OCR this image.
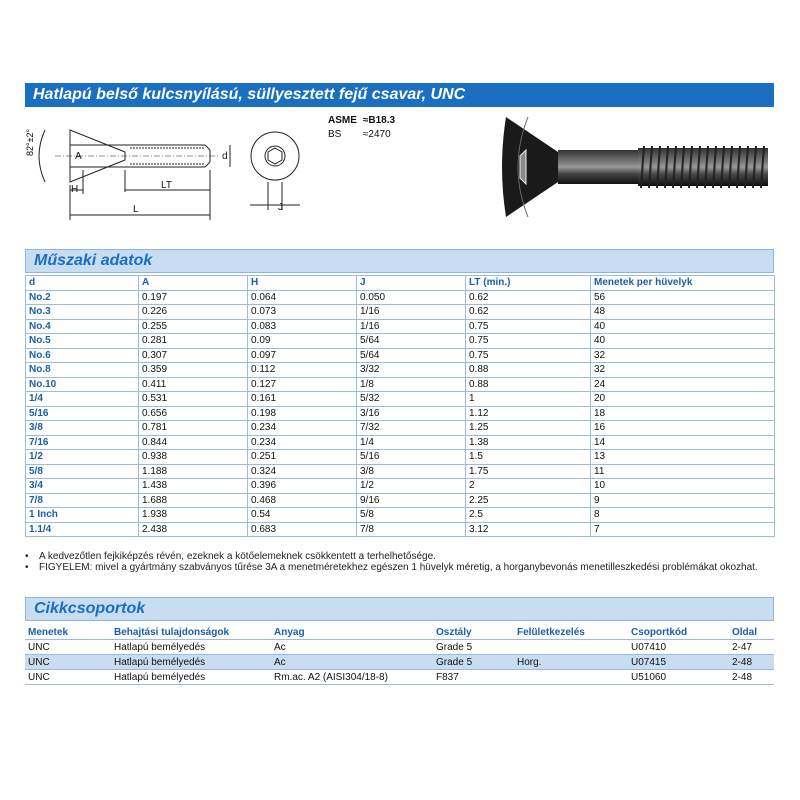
Hatlapú belső kulcsnyílású, süllyesztett fejű csavar, UNC
82°±2°
A
H	LT
L
d
J
ASME	≈B18.3
BS	≈2470
Műszaki adatok
d	A	H	J	LT (min.)	Menetek per hüvelyk
No.2	0.197	0.064	0.050	0.62	56
No.3	0.226	0.073	1/16	0.62	48
No.4	0.255	0.083	1/16	0.75	40
No.5	0.281	0.09	5/64	0.75	40
No.6	0.307	0.097	5/64	0.75	32
No.8	0.359	0.112	3/32	0.88	32
No.10	0.411	0.127	1/8	0.88	24
1/4	0.531	0.161	5/32	1	20
5/16	0.656	0.198	3/16	1.12	18
3/8	0.781	0.234	7/32	1.25	16
7/16	0.844	0.234	1/4	1.38	14
1/2	0.938	0.251	5/16	1.5	13
5/8	1.188	0.324	3/8	1.75	11
3/4	1.438	0.396	1/2	2	10
7/8	1.688	0.468	9/16	2.25	9
1 Inch	1.938	0.54	5/8	2.5	8
1.1/4	2.438	0.683	7/8	3.12	7
•	A kedvezőtlen fejkiképzés révén, ezeknek a kötőelemeknek csökkentett a terhelhetősége.
•	FIGYELEM: mivel a gyártmány szabványos tűrése 3A a menetméretekhez egészen 1 hüvelyk méretig, a horganybevonás menetilleszkedési problémákat okozhat.
Cikkcsoportok
Menetek	Behajtási tulajdonságok	Anyag	Osztály	Felületkezelés	Csoportkód	Oldal
UNC	Hatlapú bemélyedés	Ac	Grade 5		U07410	2-47
UNC	Hatlapú bemélyedés	Ac	Grade 5	Horg.	U07415	2-48
UNC	Hatlapú bemélyedés	Rm.ac. A2 (AISI304/18-8)	F837		U51060	2-48
